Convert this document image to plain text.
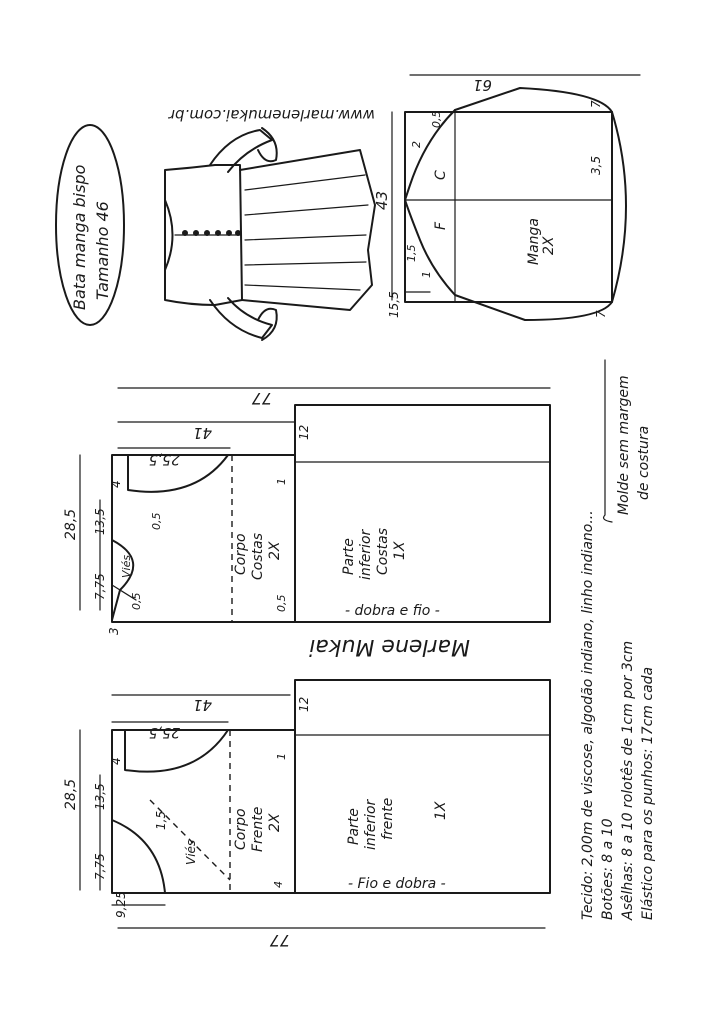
Bata manga bispo Tamanho 46
www.marlenemukai.com.br
61
43
15,5
Manga 2X
C
F
7
7
3,5
0,5
2
1,5
1
77
41
25,5
28,5 13,5
7,75
3
4
0,5
0,5	0,5
1
12
Viés	Corpo Costas 2X	Parte inferior Costas 1X
- dobra e fio -
Marlene Mukai
41
25,5
28,5 13,5
7,75
9,25
4
4
1
1,5
12
Viés
Corpo Frente 2X	Parte inferior frente	1X
- Fio e dobra -
77
Tecido: 2,00m de viscose, algodão indiano, linho indiano... Botões: 8 a 10 Asêlhas: 8 a 10 rolotês de 1cm por 3cm Elástico para os punhos: 17cm cada
Molde sem margem de costura
